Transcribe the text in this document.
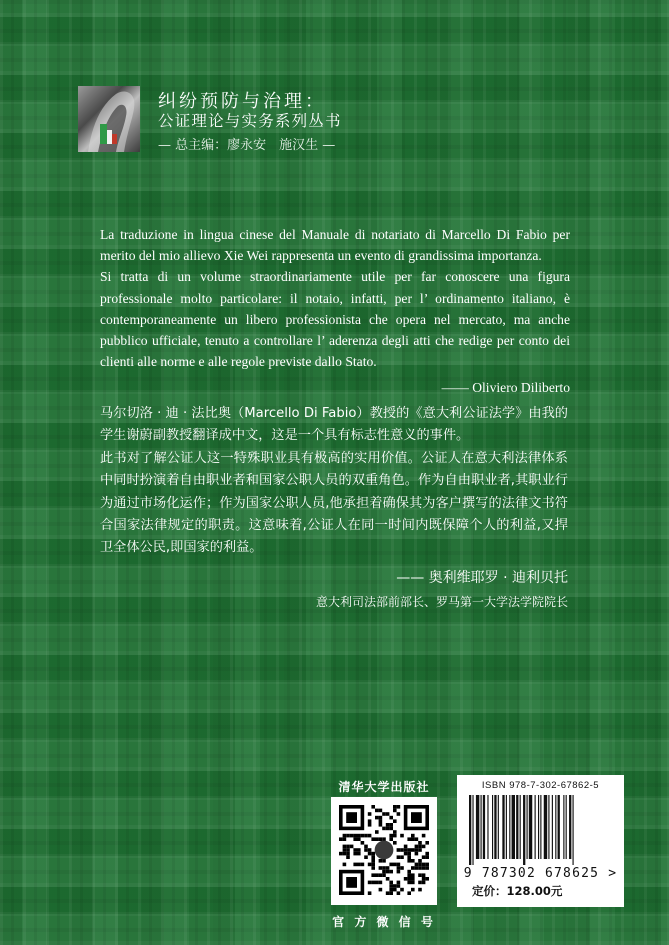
纠纷预防与治理：
公证理论与实务系列丛书
— 总主编：廖永安　施汉生 —

La traduzione in lingua cinese del Manuale di notariato di Marcello Di Fabio per merito del mio allievo Xie Wei rappresenta un evento di grandissima importanza.

Si tratta di un volume straordinariamente utile per far conoscere una figura professionale molto particolare: il notaio, infatti, per l’ ordinamento italiano, è contemporaneamente un libero professionista che opera nel mercato, ma anche pubblico ufficiale, tenuto a controllare l’ aderenza degli atti che redige per conto dei clienti alle norme e alle regole previste dallo Stato.

—— Oliviero Diliberto

马尔切洛 · 迪 · 法比奥（Marcello Di Fabio）教授的《意大利公证法学》由我的学生谢蔚副教授翻译成中文，这是一个具有标志性意义的事件。

此书对了解公证人这一特殊职业具有极高的实用价值。公证人在意大利法律体系中同时扮演着自由职业者和国家公职人员的双重角色。作为自由职业者,其职业行为通过市场化运作；作为国家公职人员,他承担着确保其为客户撰写的法律文书符合国家法律规定的职责。这意味着,公证人在同一时间内既保障个人的利益,又捍卫全体公民,即国家的利益。

—— 奥利维耶罗 · 迪利贝托

意大利司法部前部长、罗马第一大学法学院院长

清华大学出版社
官 方 微 信 号
ISBN 978-7-302-67862-5
9 787302 678625 >
定价：128.00元
